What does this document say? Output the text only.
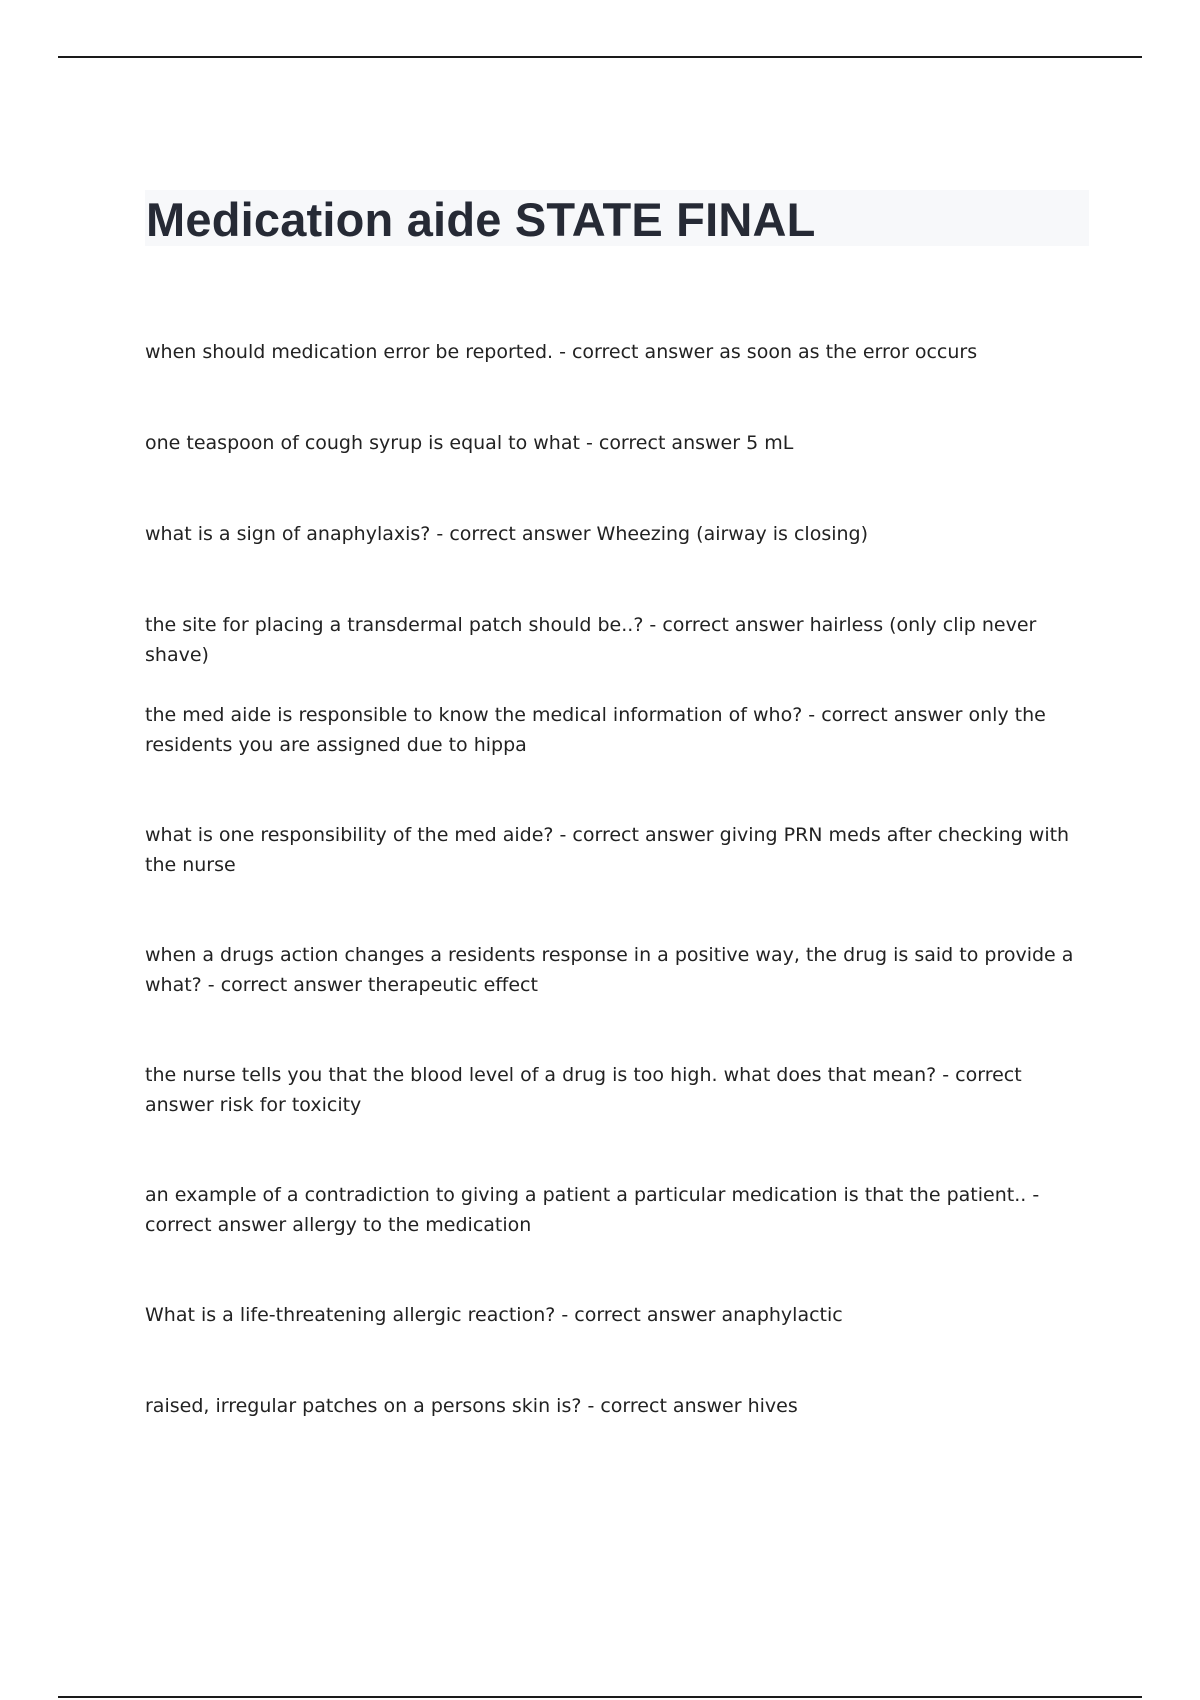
Medication aide STATE FINAL

when should medication error be reported. - correct answer as soon as the error occurs

one teaspoon of cough syrup is equal to what - correct answer 5 mL

what is a sign of anaphylaxis? - correct answer Wheezing (airway is closing)

the site for placing a transdermal patch should be..? - correct answer hairless (only clip never shave)

the med aide is responsible to know the medical information of who? - correct answer only the residents you are assigned due to hippa

what is one responsibility of the med aide? - correct answer giving PRN meds after checking with the nurse

when a drugs action changes a residents response in a positive way, the drug is said to provide a what? - correct answer therapeutic effect

the nurse tells you that the blood level of a drug is too high. what does that mean? - correct answer risk for toxicity

an example of a contradiction to giving a patient a particular medication is that the patient.. - correct answer allergy to the medication

What is a life-threatening allergic reaction? - correct answer anaphylactic

raised, irregular patches on a persons skin is? - correct answer hives
